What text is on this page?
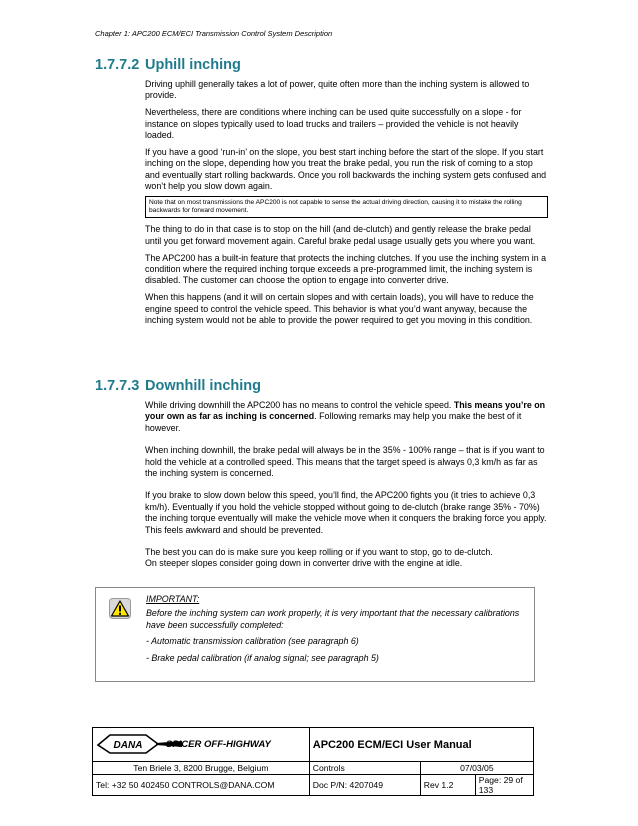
Chapter 1: APC200 ECM/ECI Transmission Control System Description
1.7.7.2 Uphill inching

Driving uphill generally takes a lot of power, quite often more than the inching system is allowed to provide.

Nevertheless, there are conditions where inching can be used quite successfully on a slope - for instance on slopes typically used to load trucks and trailers – provided the vehicle is not heavily loaded.

If you have a good ‘run-in’ on the slope, you best start inching before the start of the slope. If you start inching on the slope, depending how you treat the brake pedal, you run the risk of coming to a stop and eventually start rolling backwards. Once you roll backwards the inching system gets confused and won’t help you slow down again.

Note that on most transmissions the APC200 is not capable to sense the actual driving direction, causing it to mistake the rolling backwards for forward movement.

The thing to do in that case is to stop on the hill (and de-clutch) and gently release the brake pedal until you get forward movement again. Careful brake pedal usage usually gets you where you want.

The APC200 has a built-in feature that protects the inching clutches. If you use the inching system in a condition where the required inching torque exceeds a pre-programmed limit, the inching system is disabled. The customer can choose the option to engage into converter drive.

When this happens (and it will on certain slopes and with certain loads), you will have to reduce the engine speed to control the vehicle speed. This behavior is what you’d want anyway, because the inching system would not be able to provide the power required to get you moving in this condition.

1.7.7.3 Downhill inching

While driving downhill the APC200 has no means to control the vehicle speed. This means you’re on your own as far as inching is concerned. Following remarks may help you make the best of it however.

When inching downhill, the brake pedal will always be in the 35% - 100% range – that is if you want to hold the vehicle at a controlled speed. This means that the target speed is always 0,3 km/h as far as the inching system is concerned.

If you brake to slow down below this speed, you’ll find, the APC200 fights you (it tries to achieve 0,3 km/h). Eventually if you hold the vehicle stopped without going to de-clutch (brake range 35% - 70%) the inching torque eventually will make the vehicle move when it conquers the braking force you apply. This feels awkward and should be prevented.

The best you can do is make sure you keep rolling or if you want to stop, go to de-clutch.
On steeper slopes consider going down in converter drive with the engine at idle.

IMPORTANT:

Before the inching system can work properly, it is very important that the necessary calibrations have been successfully completed:

- Automatic transmission calibration (see paragraph 6)

- Brake pedal calibration (if analog signal; see paragraph 5)

DANA SPICER OFF-HIGHWAY	APC200 ECM/ECI User Manual		
Ten Briele 3, 8200 Brugge, Belgium	Controls	07/03/05	
Tel: +32 50 402450 CONTROLS@DANA.COM	Doc P/N: 4207049	Rev 1.2	Page: 29 of 133
